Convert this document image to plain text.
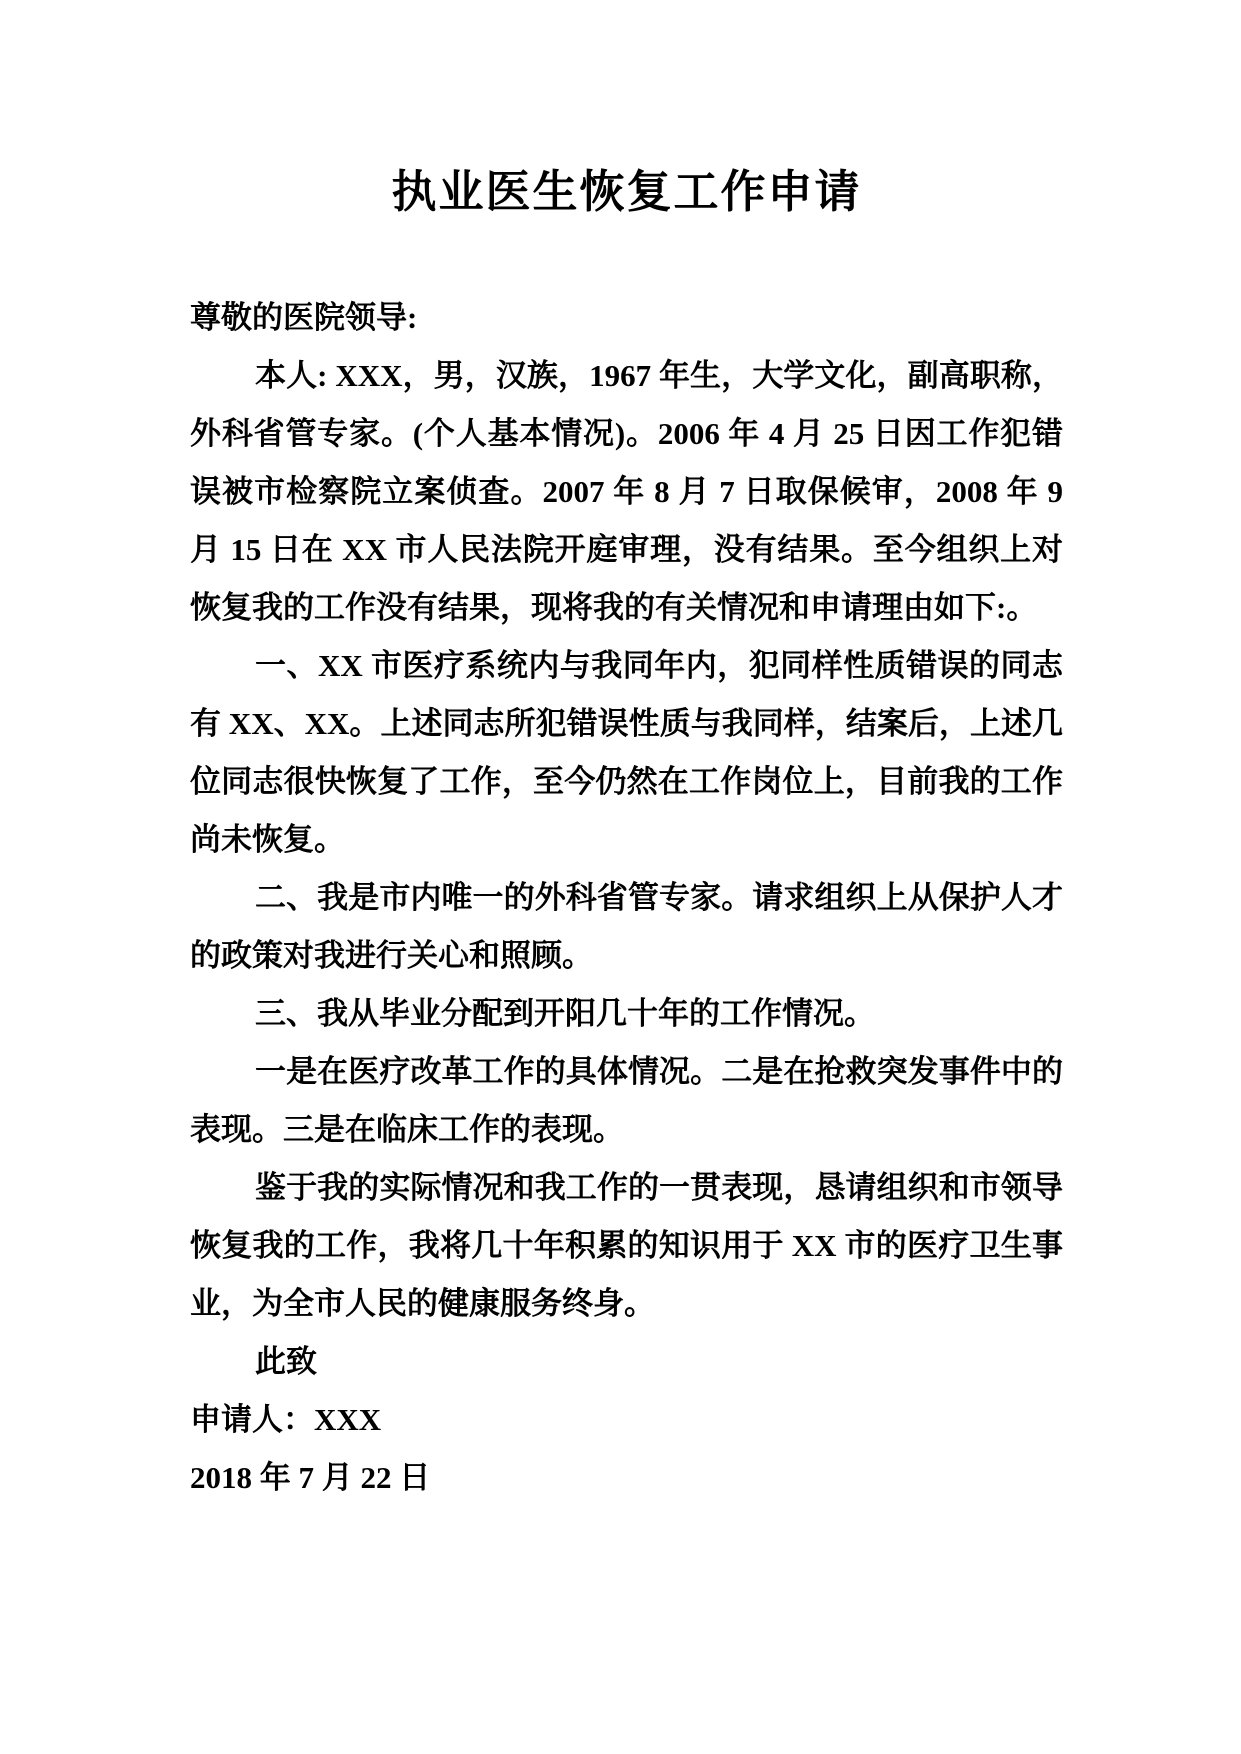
执业医生恢复工作申请

尊敬的医院领导:

本人: XXX，男，汉族，1967 年生，大学文化，副高职称，外科省管专家。(个人基本情况)。2006 年 4 月 25 日因工作犯错误被市检察院立案侦查。2007 年 8 月 7 日取保候审，2008 年 9 月 15 日在 XX 市人民法院开庭审理，没有结果。至今组织上对恢复我的工作没有结果，现将我的有关情况和申请理由如下:。

一、XX 市医疗系统内与我同年内，犯同样性质错误的同志有 XX、XX。上述同志所犯错误性质与我同样，结案后，上述几位同志很快恢复了工作，至今仍然在工作岗位上，目前我的工作尚未恢复。

二、我是市内唯一的外科省管专家。请求组织上从保护人才的政策对我进行关心和照顾。

三、我从毕业分配到开阳几十年的工作情况。

一是在医疗改革工作的具体情况。二是在抢救突发事件中的表现。三是在临床工作的表现。

鉴于我的实际情况和我工作的一贯表现，恳请组织和市领导恢复我的工作，我将几十年积累的知识用于 XX 市的医疗卫生事业，为全市人民的健康服务终身。

此致

申请人：XXX

2018 年 7 月 22 日
